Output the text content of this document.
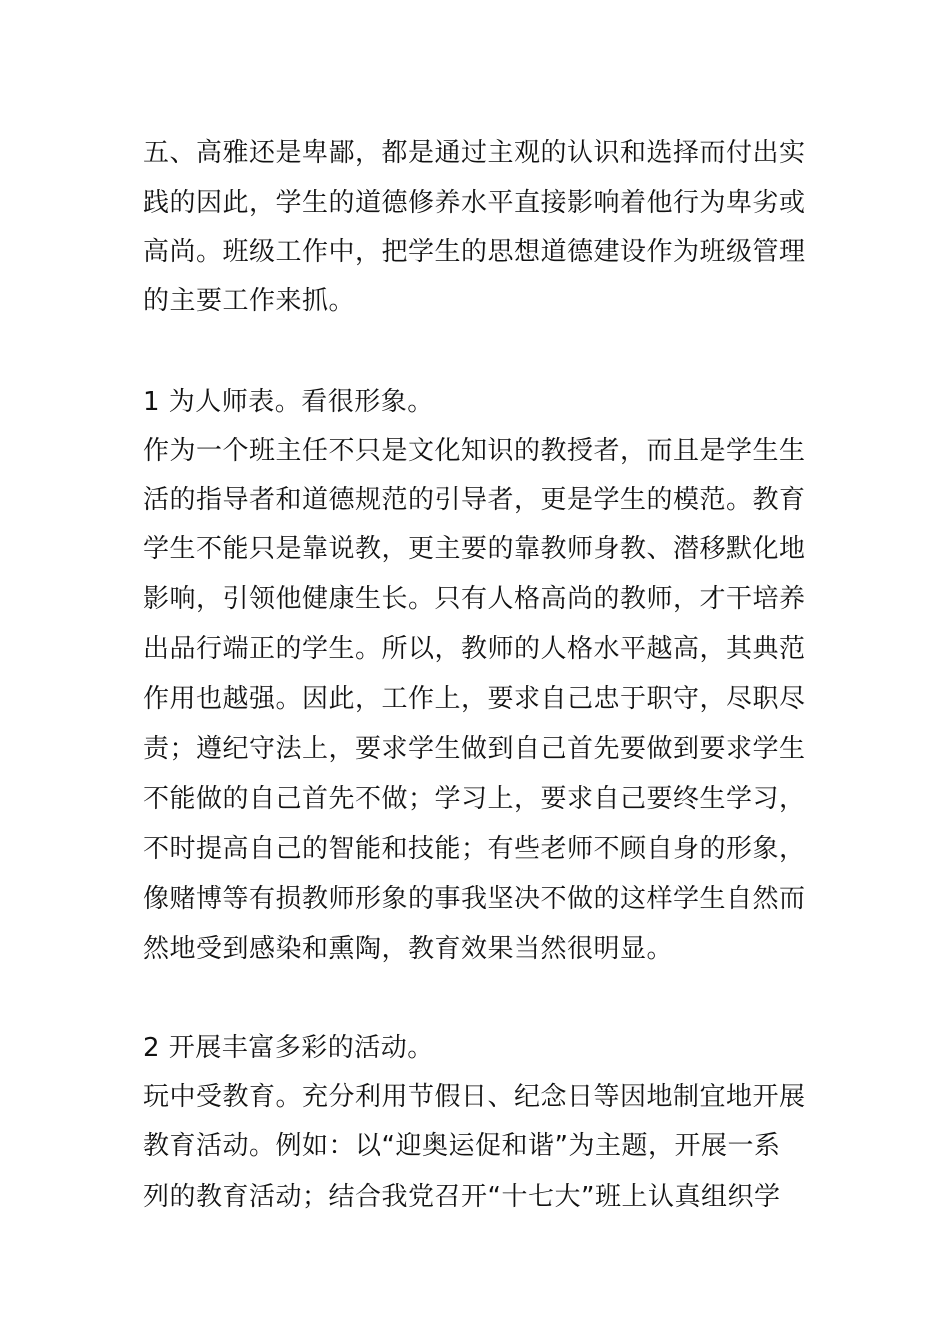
五、高雅还是卑鄙，都是通过主观的认识和选择而付出实
践的因此，学生的道德修养水平直接影响着他行为卑劣或
高尚。班级工作中，把学生的思想道德建设作为班级管理
的主要工作来抓。
1 为人师表。看很形象。
作为一个班主任不只是文化知识的教授者，而且是学生生
活的指导者和道德规范的引导者，更是学生的模范。教育
学生不能只是靠说教，更主要的靠教师身教、潜移默化地
影响，引领他健康生长。只有人格高尚的教师，才干培养
出品行端正的学生。所以，教师的人格水平越高，其典范
作用也越强。因此，工作上，要求自己忠于职守，尽职尽
责；遵纪守法上，要求学生做到自己首先要做到要求学生
不能做的自己首先不做；学习上，要求自己要终生学习，
不时提高自己的智能和技能；有些老师不顾自身的形象，
像赌博等有损教师形象的事我坚决不做的这样学生自然而
然地受到感染和熏陶，教育效果当然很明显。
2 开展丰富多彩的活动。
玩中受教育。充分利用节假日、纪念日等因地制宜地开展
教育活动。例如：以“迎奥运促和谐”为主题，开展一系
列的教育活动；结合我党召开“十七大”班上认真组织学
